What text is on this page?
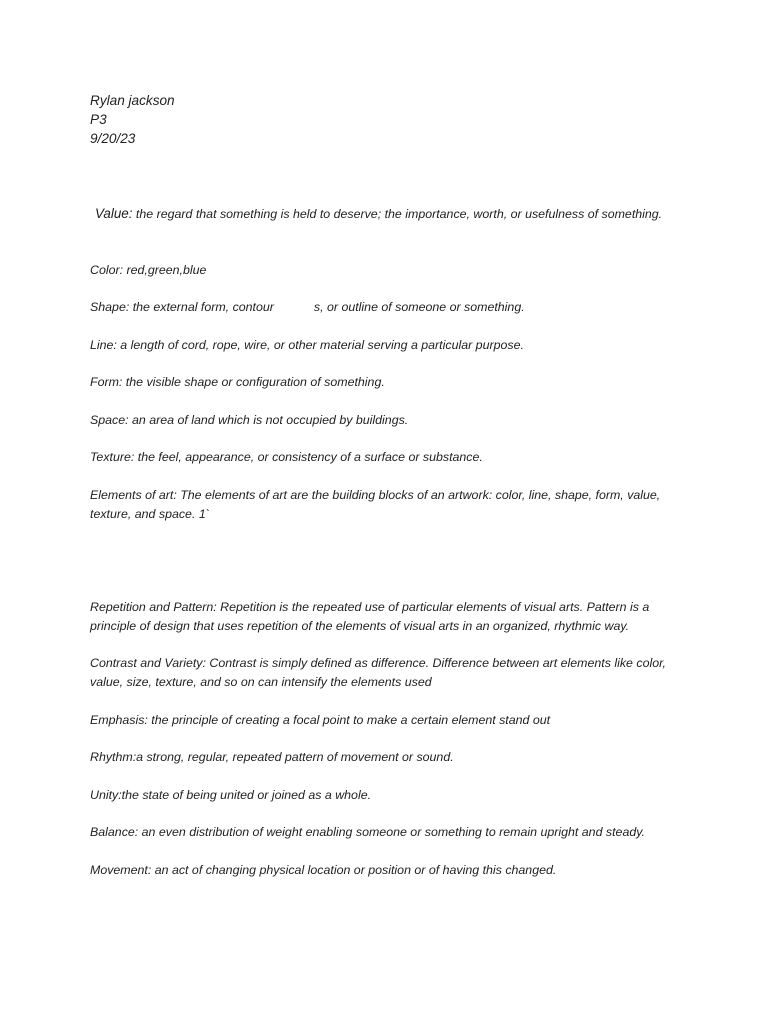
Rylan jackson
P3
9/20/23

Value: the regard that something is held to deserve; the importance, worth, or usefulness of something.

Color: red,green,blue

Shape: the external form, contour	s, or outline of someone or something.

Line: a length of cord, rope, wire, or other material serving a particular purpose.

Form: the visible shape or configuration of something.

Space: an area of land which is not occupied by buildings.

Texture: the feel, appearance, or consistency of a surface or substance.

Elements of art: The elements of art are the building blocks of an artwork: color, line, shape, form, value, texture, and space. 1`

Repetition and Pattern: Repetition is the repeated use of particular elements of visual arts. Pattern is a principle of design that uses repetition of the elements of visual arts in an organized, rhythmic way.

Contrast and Variety: Contrast is simply defined as difference. Difference between art elements like color, value, size, texture, and so on can intensify the elements used

Emphasis: the principle of creating a focal point to make a certain element stand out

Rhythm:a strong, regular, repeated pattern of movement or sound.

Unity:the state of being united or joined as a whole.

Balance: an even distribution of weight enabling someone or something to remain upright and steady.

Movement: an act of changing physical location or position or of having this changed.
